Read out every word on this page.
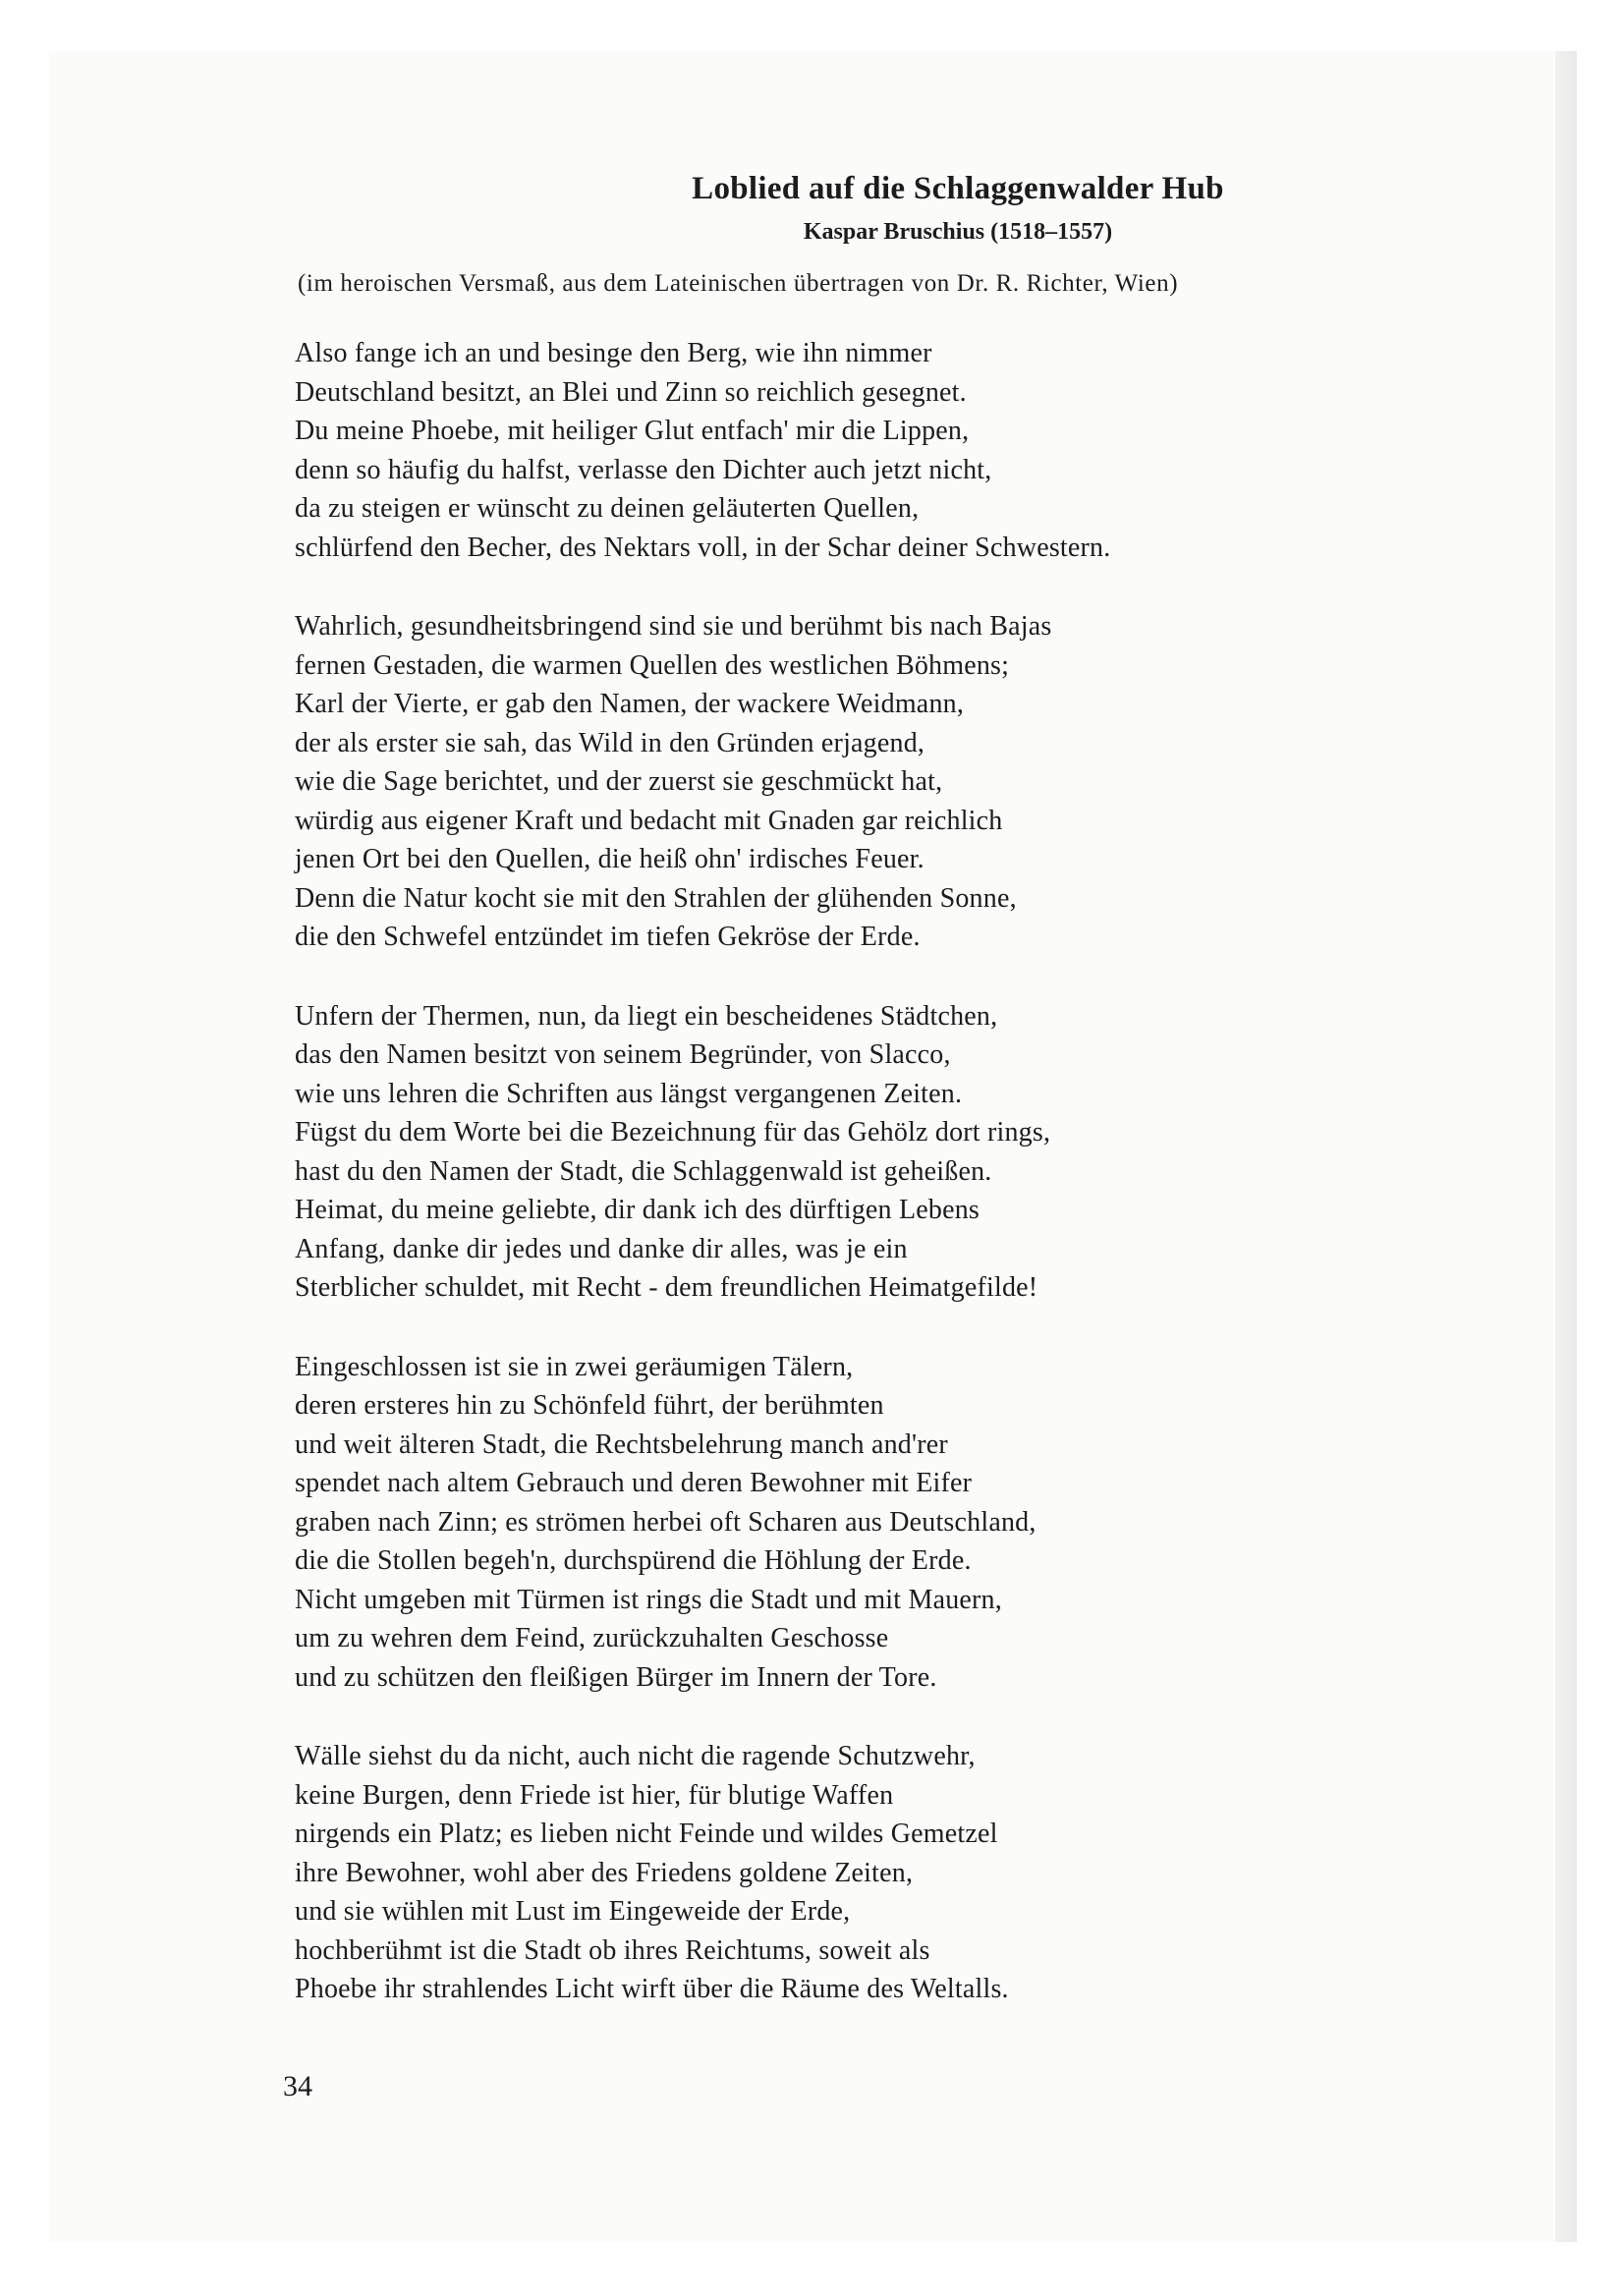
Loblied auf die Schlaggenwalder Hub
Kaspar Bruschius (1518–1557)
(im heroischen Versmaß, aus dem Lateinischen übertragen von Dr. R. Richter, Wien)
Also fange ich an und besinge den Berg, wie ihn nimmer
Deutschland besitzt, an Blei und Zinn so reichlich gesegnet.
Du meine Phoebe, mit heiliger Glut entfach' mir die Lippen,
denn so häufig du halfst, verlasse den Dichter auch jetzt nicht,
da zu steigen er wünscht zu deinen geläuterten Quellen,
schlürfend den Becher, des Nektars voll, in der Schar deiner Schwestern.
Wahrlich, gesundheitsbringend sind sie und berühmt bis nach Bajas
fernen Gestaden, die warmen Quellen des westlichen Böhmens;
Karl der Vierte, er gab den Namen, der wackere Weidmann,
der als erster sie sah, das Wild in den Gründen erjagend,
wie die Sage berichtet, und der zuerst sie geschmückt hat,
würdig aus eigener Kraft und bedacht mit Gnaden gar reichlich
jenen Ort bei den Quellen, die heiß ohn' irdisches Feuer.
Denn die Natur kocht sie mit den Strahlen der glühenden Sonne,
die den Schwefel entzündet im tiefen Gekröse der Erde.
Unfern der Thermen, nun, da liegt ein bescheidenes Städtchen,
das den Namen besitzt von seinem Begründer, von Slacco,
wie uns lehren die Schriften aus längst vergangenen Zeiten.
Fügst du dem Worte bei die Bezeichnung für das Gehölz dort rings,
hast du den Namen der Stadt, die Schlaggenwald ist geheißen.
Heimat, du meine geliebte, dir dank ich des dürftigen Lebens
Anfang, danke dir jedes und danke dir alles, was je ein
Sterblicher schuldet, mit Recht - dem freundlichen Heimatgefilde!
Eingeschlossen ist sie in zwei geräumigen Tälern,
deren ersteres hin zu Schönfeld führt, der berühmten
und weit älteren Stadt, die Rechtsbelehrung manch and'rer
spendet nach altem Gebrauch und deren Bewohner mit Eifer
graben nach Zinn; es strömen herbei oft Scharen aus Deutschland,
die die Stollen begeh'n, durchspürend die Höhlung der Erde.
Nicht umgeben mit Türmen ist rings die Stadt und mit Mauern,
um zu wehren dem Feind, zurückzuhalten Geschosse
und zu schützen den fleißigen Bürger im Innern der Tore.
Wälle siehst du da nicht, auch nicht die ragende Schutzwehr,
keine Burgen, denn Friede ist hier, für blutige Waffen
nirgends ein Platz; es lieben nicht Feinde und wildes Gemetzel
ihre Bewohner, wohl aber des Friedens goldene Zeiten,
und sie wühlen mit Lust im Eingeweide der Erde,
hochberühmt ist die Stadt ob ihres Reichtums, soweit als
Phoebe ihr strahlendes Licht wirft über die Räume des Weltalls.
34
